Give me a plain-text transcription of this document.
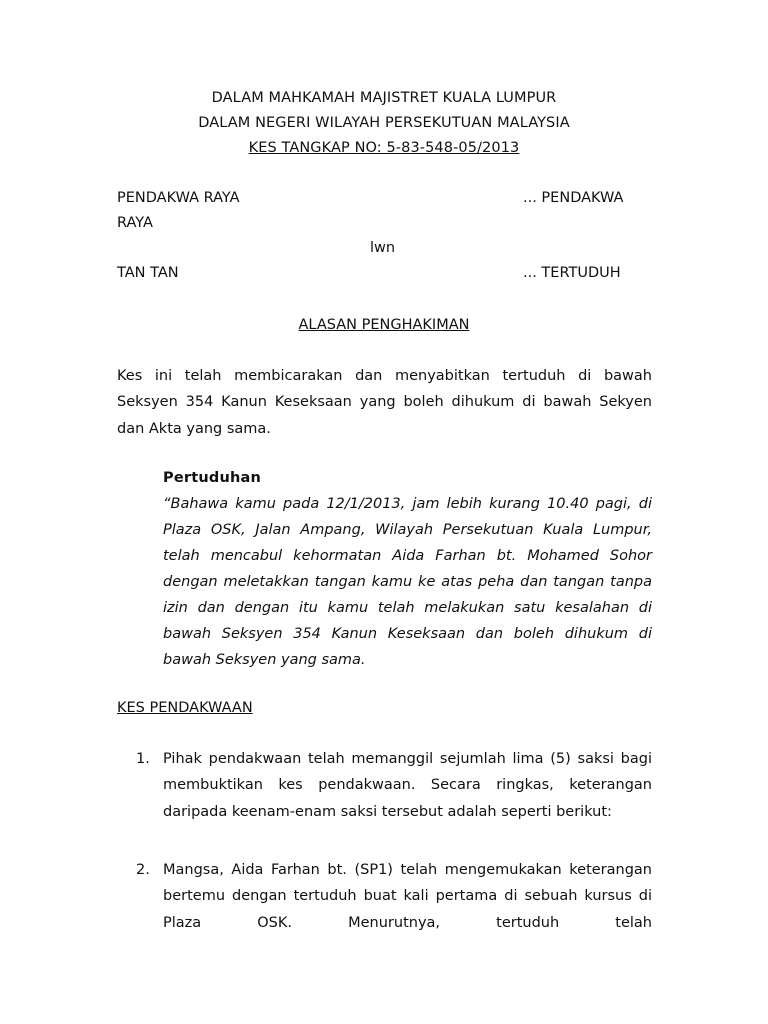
DALAM MAHKAMAH MAJISTRET KUALA LUMPUR
DALAM NEGERI WILAYAH PERSEKUTUAN MALAYSIA
KES TANGKAP NO: 5-83-548-05/2013
PENDAKWA RAYA	... PENDAKWA
RAYA
lwn
TAN TAN	... TERTUDUH
ALASAN PENGHAKIMAN
Kes ini telah membicarakan dan menyabitkan tertuduh di bawah Seksyen 354 Kanun Keseksaan yang boleh dihukum di bawah Sekyen dan Akta yang sama.
Pertuduhan
“Bahawa kamu pada 12/1/2013, jam lebih kurang 10.40 pagi, di Plaza OSK, Jalan Ampang, Wilayah Persekutuan Kuala Lumpur, telah mencabul kehormatan Aida Farhan bt. Mohamed Sohor dengan meletakkan tangan kamu ke atas peha dan tangan tanpa izin dan dengan itu kamu telah melakukan satu kesalahan di bawah Seksyen 354 Kanun Keseksaan dan boleh dihukum di bawah Seksyen yang sama.
KES PENDAKWAAN
1. Pihak pendakwaan telah memanggil sejumlah lima (5) saksi bagi membuktikan kes pendakwaan. Secara ringkas, keterangan daripada keenam-enam saksi tersebut adalah seperti berikut:
2. Mangsa, Aida Farhan bt. (SP1) telah mengemukakan keterangan bertemu dengan tertuduh buat kali pertama di sebuah kursus di Plaza OSK. Menurutnya, tertuduh telah
